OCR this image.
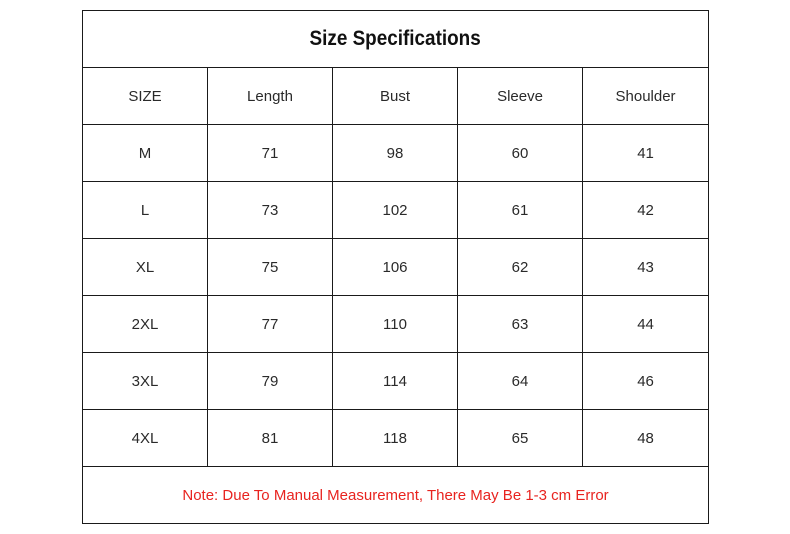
Size Specifications				
SIZE	Length	Bust	Sleeve	Shoulder
M	71	98	60	41
L	73	102	61	42
XL	75	106	62	43
2XL	77	110	63	44
3XL	79	114	64	46
4XL	81	118	65	48
Note: Due To Manual Measurement, There May Be 1-3 cm Error				
